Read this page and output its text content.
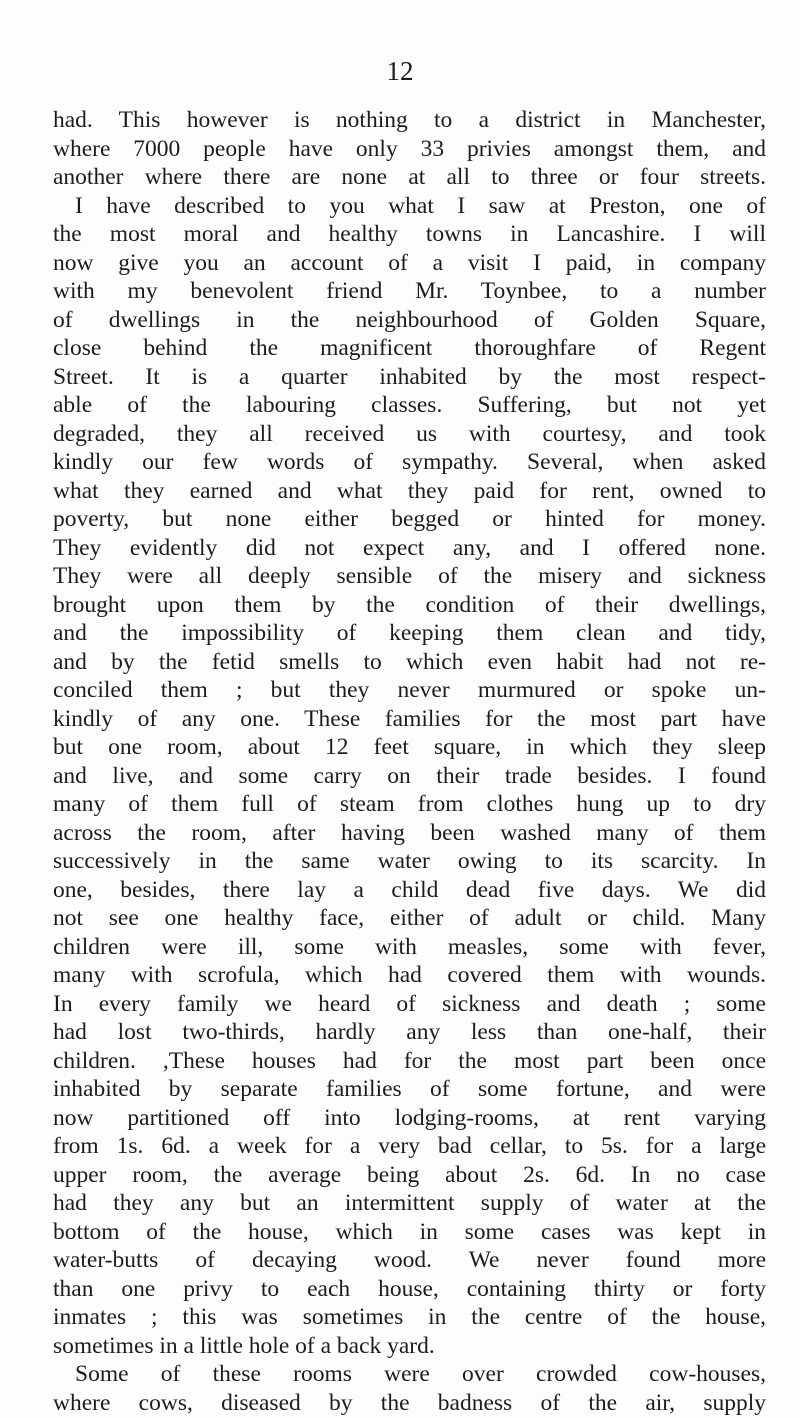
12
had. This however is nothing to a district in Manchester,
where 7000 people have only 33 privies amongst them, and
another where there are none at all to three or four streets.
I have described to you what I saw at Preston, one of
the most moral and healthy towns in Lancashire. I will
now give you an account of a visit I paid, in company
with my benevolent friend Mr. Toynbee, to a number
of dwellings in the neighbourhood of Golden Square,
close behind the magnificent thoroughfare of Regent
Street. It is a quarter inhabited by the most respect-
able of the labouring classes. Suffering, but not yet
degraded, they all received us with courtesy, and took
kindly our few words of sympathy. Several, when asked
what they earned and what they paid for rent, owned to
poverty, but none either begged or hinted for money.
They evidently did not expect any, and I offered none.
They were all deeply sensible of the misery and sickness
brought upon them by the condition of their dwellings,
and the impossibility of keeping them clean and tidy,
and by the fetid smells to which even habit had not re-
conciled them ; but they never murmured or spoke un-
kindly of any one. These families for the most part have
but one room, about 12 feet square, in which they sleep
and live, and some carry on their trade besides. I found
many of them full of steam from clothes hung up to dry
across the room, after having been washed many of them
successively in the same water owing to its scarcity. In
one, besides, there lay a child dead five days. We did
not see one healthy face, either of adult or child. Many
children were ill, some with measles, some with fever,
many with scrofula, which had covered them with wounds.
In every family we heard of sickness and death ; some
had lost two-thirds, hardly any less than one-half, their
children. ,These houses had for the most part been once
inhabited by separate families of some fortune, and were
now partitioned off into lodging-rooms, at rent varying
from 1s. 6d. a week for a very bad cellar, to 5s. for a large
upper room, the average being about 2s. 6d. In no case
had they any but an intermittent supply of water at the
bottom of the house, which in some cases was kept in
water-butts of decaying wood. We never found more
than one privy to each house, containing thirty or forty
inmates ; this was sometimes in the centre of the house,
sometimes in a little hole of a back yard.
Some of these rooms were over crowded cow-houses,
where cows, diseased by the badness of the air, supply
